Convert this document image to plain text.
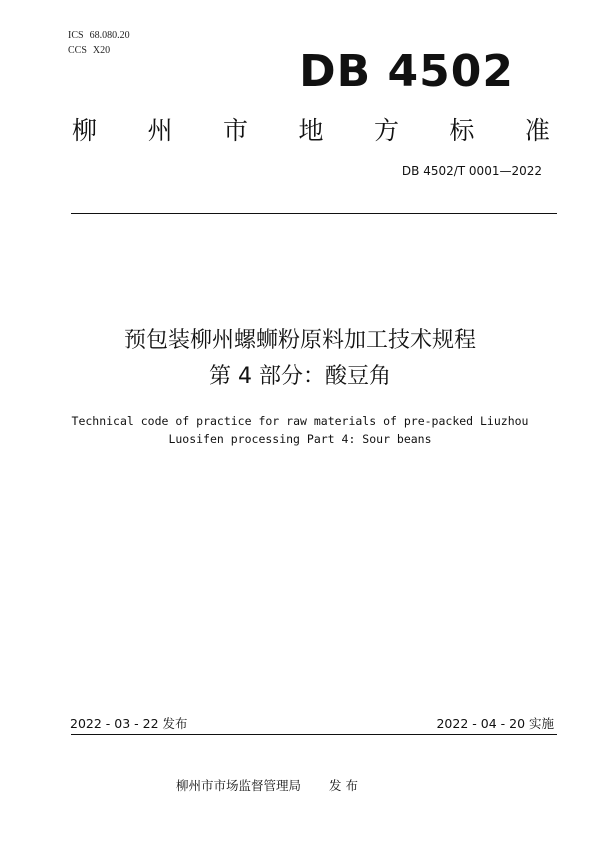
ICS 68.080.20
CCS X20	DB 4502
柳 州 市 地 方 标 准
DB 4502/T 0001—2022
预包装柳州螺蛳粉原料加工技术规程
第 4 部分：酸豆角
Technical code of practice for raw materials of pre-packed Liuzhou
Luosifen processing Part 4: Sour beans
2022 - 03 - 22 发布	2022 - 04 - 20 实施
柳州市市场监督管理局 发 布
